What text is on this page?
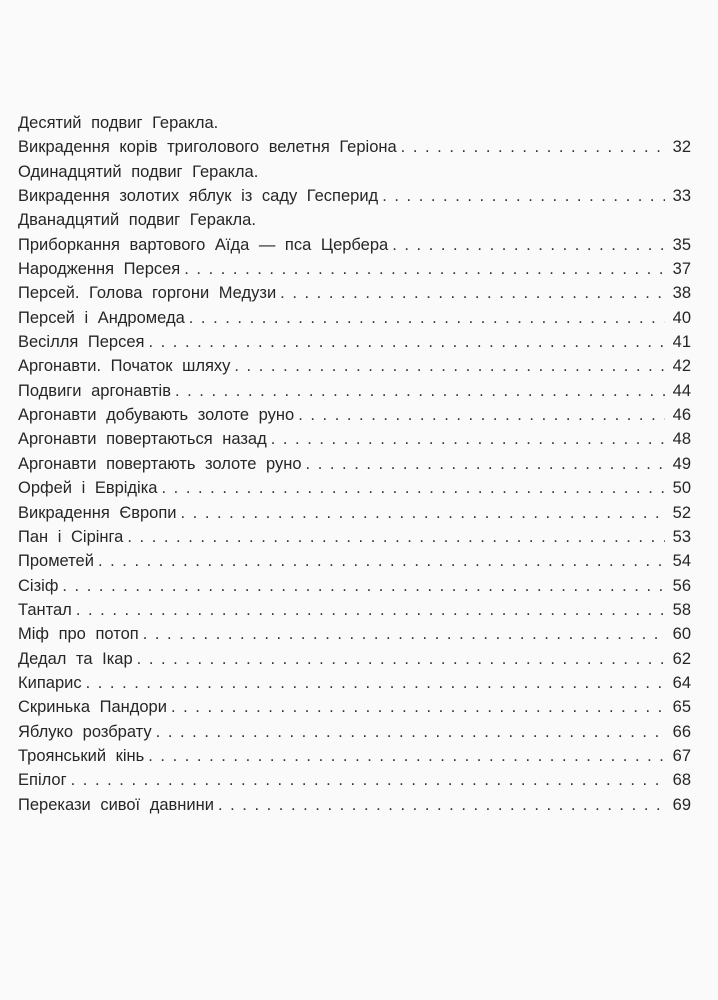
Десятий подвиг Геракла.
Викрадення корів триголового велетня Геріона . . .	32
Одинадцятий подвиг Геракла.
Викрадення золотих яблук із саду Гесперид . . .	33
Дванадцятий подвиг Геракла.
Приборкання вартового Аїда — пса Цербера . . .	35
Народження Персея . . .	37
Персей. Голова горгони Медузи . . .	38
Персей і Андромеда . . .	40
Весілля Персея . . .	41
Аргонавти. Початок шляху . . .	42
Подвиги аргонавтів . . .	44
Аргонавти добувають золоте руно . . .	46
Аргонавти повертаються назад . . .	48
Аргонавти повертають золоте руно . . .	49
Орфей і Еврідіка . . .	50
Викрадення Європи . . .	52
Пан і Сірінга . . .	53
Прометей . . .	54
Сізіф . . .	56
Тантал . . .	58
Міф про потоп . . .	60
Дедал та Ікар . . .	62
Кипарис . . .	64
Скринька Пандори . . .	65
Яблуко розбрату . . .	66
Троянський кінь . . .	67
Епілог . . .	68
Перекази сивої давнини . . .	69
